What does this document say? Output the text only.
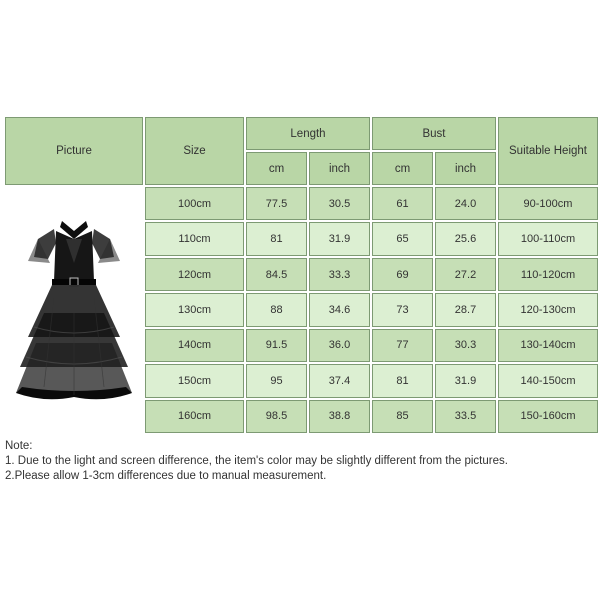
Picture	Size	Length		Bust		Suitable Height
		cm	inch	cm	inch	

	100cm	77.5	30.5	61	24.0	90-100cm
	110cm	81	31.9	65	25.6	100-110cm
	120cm	84.5	33.3	69	27.2	110-120cm
	130cm	88	34.6	73	28.7	120-130cm
	140cm	91.5	36.0	77	30.3	130-140cm
	150cm	95	37.4	81	31.9	140-150cm
	160cm	98.5	38.8	85	33.5	150-160cm
Note:
1. Due to the light and screen difference, the item's color may be slightly different from the pictures.
2.Please allow 1-3cm differences due to manual measurement.
